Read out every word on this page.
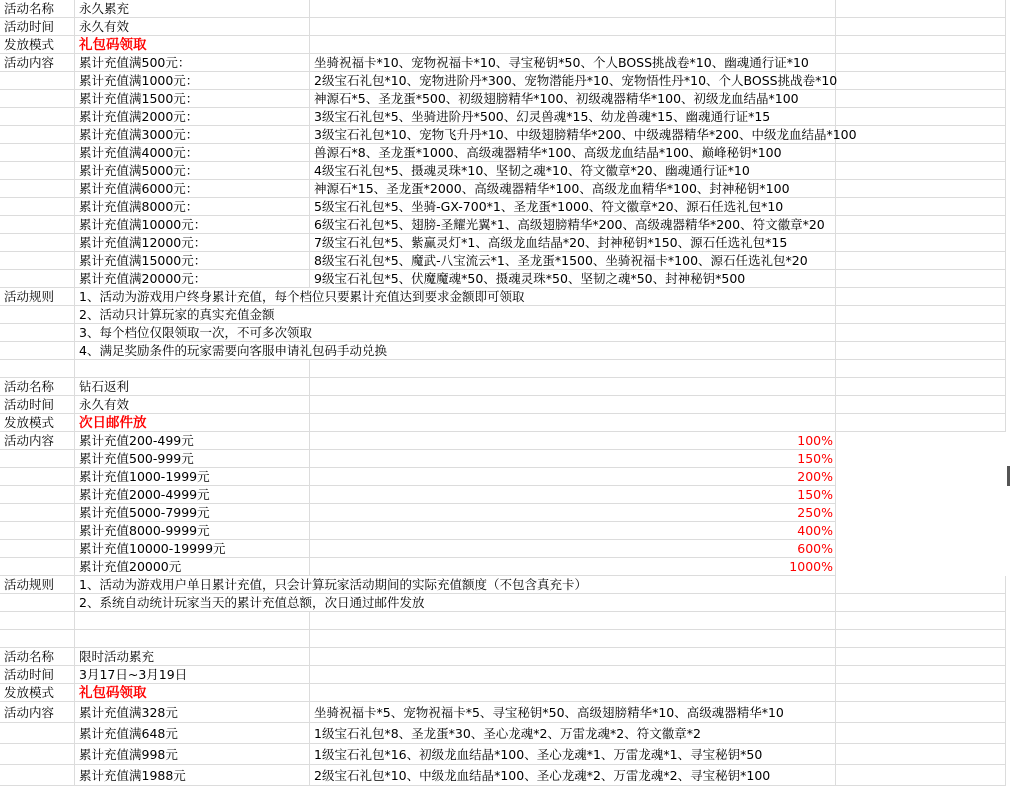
活动名称	永久累充
活动时间	永久有效
发放模式	礼包码领取
活动内容	累计充值满500元：	坐骑祝福卡*10、宠物祝福卡*10、寻宝秘钥*50、个人BOSS挑战卷*10、幽魂通行证*10
累计充值满1000元：	2级宝石礼包*10、宠物进阶丹*300、宠物潜能丹*10、宠物悟性丹*10、个人BOSS挑战卷*10
累计充值满1500元：	神源石*5、圣龙蛋*500、初级翅膀精华*100、初级魂器精华*100、初级龙血结晶*100
累计充值满2000元：	3级宝石礼包*5、坐骑进阶丹*500、幻灵兽魂*15、幼龙兽魂*15、幽魂通行证*15
累计充值满3000元：	3级宝石礼包*10、宠物飞升丹*10、中级翅膀精华*200、中级魂器精华*200、中级龙血结晶*100
累计充值满4000元：	兽源石*8、圣龙蛋*1000、高级魂器精华*100、高级龙血结晶*100、巅峰秘钥*100
累计充值满5000元：	4级宝石礼包*5、摄魂灵珠*10、坚韧之魂*10、符文徽章*20、幽魂通行证*10
累计充值满6000元：	神源石*15、圣龙蛋*2000、高级魂器精华*100、高级龙血精华*100、封神秘钥*100
累计充值满8000元：	5级宝石礼包*5、坐骑-GX-700*1、圣龙蛋*1000、符文徽章*20、源石任选礼包*10
累计充值满10000元：	6级宝石礼包*5、翅膀-圣耀光翼*1、高级翅膀精华*200、高级魂器精华*200、符文徽章*20
累计充值满12000元：	7级宝石礼包*5、紫赢灵灯*1、高级龙血结晶*20、封神秘钥*150、源石任选礼包*15
累计充值满15000元：	8级宝石礼包*5、魔武-八宝流云*1、圣龙蛋*1500、坐骑祝福卡*100、源石任选礼包*20
累计充值满20000元：	9级宝石礼包*5、伏魔魔魂*50、摄魂灵珠*50、坚韧之魂*50、封神秘钥*500
活动规则	1、活动为游戏用户终身累计充值，每个档位只要累计充值达到要求金额即可领取
2、活动只计算玩家的真实充值金额
3、每个档位仅限领取一次，不可多次领取
4、满足奖励条件的玩家需要向客服申请礼包码手动兑换
活动名称	钻石返利
活动时间	永久有效
发放模式	次日邮件放
活动内容	累计充值200-499元	100%
累计充值500-999元	150%
累计充值1000-1999元	200%
累计充值2000-4999元	150%
累计充值5000-7999元	250%
累计充值8000-9999元	400%
累计充值10000-19999元	600%
累计充值20000元	1000%
活动规则	1、活动为游戏用户单日累计充值，只会计算玩家活动期间的实际充值额度（不包含真充卡）
2、系统自动统计玩家当天的累计充值总额，次日通过邮件发放
活动名称	限时活动累充
活动时间	3月17日~3月19日
发放模式	礼包码领取
活动内容	累计充值满328元	坐骑祝福卡*5、宠物祝福卡*5、寻宝秘钥*50、高级翅膀精华*10、高级魂器精华*10
累计充值满648元	1级宝石礼包*8、圣龙蛋*30、圣心龙魂*2、万雷龙魂*2、符文徽章*2
累计充值满998元	1级宝石礼包*16、初级龙血结晶*100、圣心龙魂*1、万雷龙魂*1、寻宝秘钥*50
累计充值满1988元	2级宝石礼包*10、中级龙血结晶*100、圣心龙魂*2、万雷龙魂*2、寻宝秘钥*100
